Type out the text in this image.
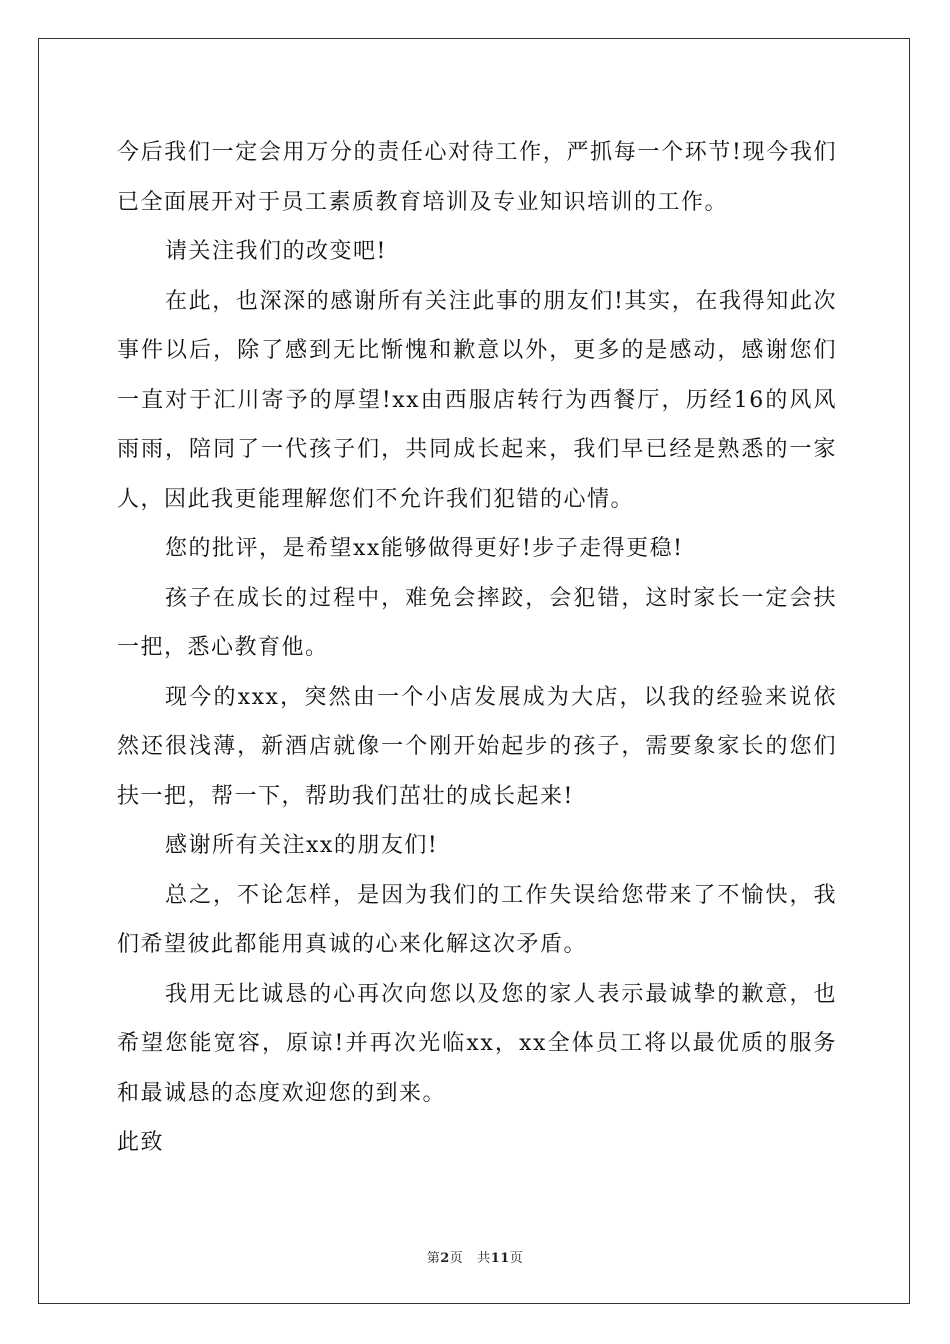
今后我们一定会用万分的责任心对待工作，严抓每一个环节!现今我们已全面展开对于员工素质教育培训及专业知识培训的工作。

请关注我们的改变吧!

在此，也深深的感谢所有关注此事的朋友们!其实，在我得知此次事件以后，除了感到无比惭愧和歉意以外，更多的是感动，感谢您们一直对于汇川寄予的厚望!xx由西服店转行为西餐厅，历经16的风风雨雨，陪同了一代孩子们，共同成长起来，我们早已经是熟悉的一家人，因此我更能理解您们不允许我们犯错的心情。

您的批评，是希望xx能够做得更好!步子走得更稳!

孩子在成长的过程中，难免会摔跤，会犯错，这时家长一定会扶一把，悉心教育他。

现今的xxx，突然由一个小店发展成为大店，以我的经验来说依然还很浅薄，新酒店就像一个刚开始起步的孩子，需要象家长的您们扶一把，帮一下，帮助我们茁壮的成长起来!

感谢所有关注xx的朋友们!

总之，不论怎样，是因为我们的工作失误给您带来了不愉快，我们希望彼此都能用真诚的心来化解这次矛盾。

我用无比诚恳的心再次向您以及您的家人表示最诚挚的歉意，也希望您能宽容，原谅!并再次光临xx，xx全体员工将以最优质的服务和最诚恳的态度欢迎您的到来。

此致

第2页 共11页
